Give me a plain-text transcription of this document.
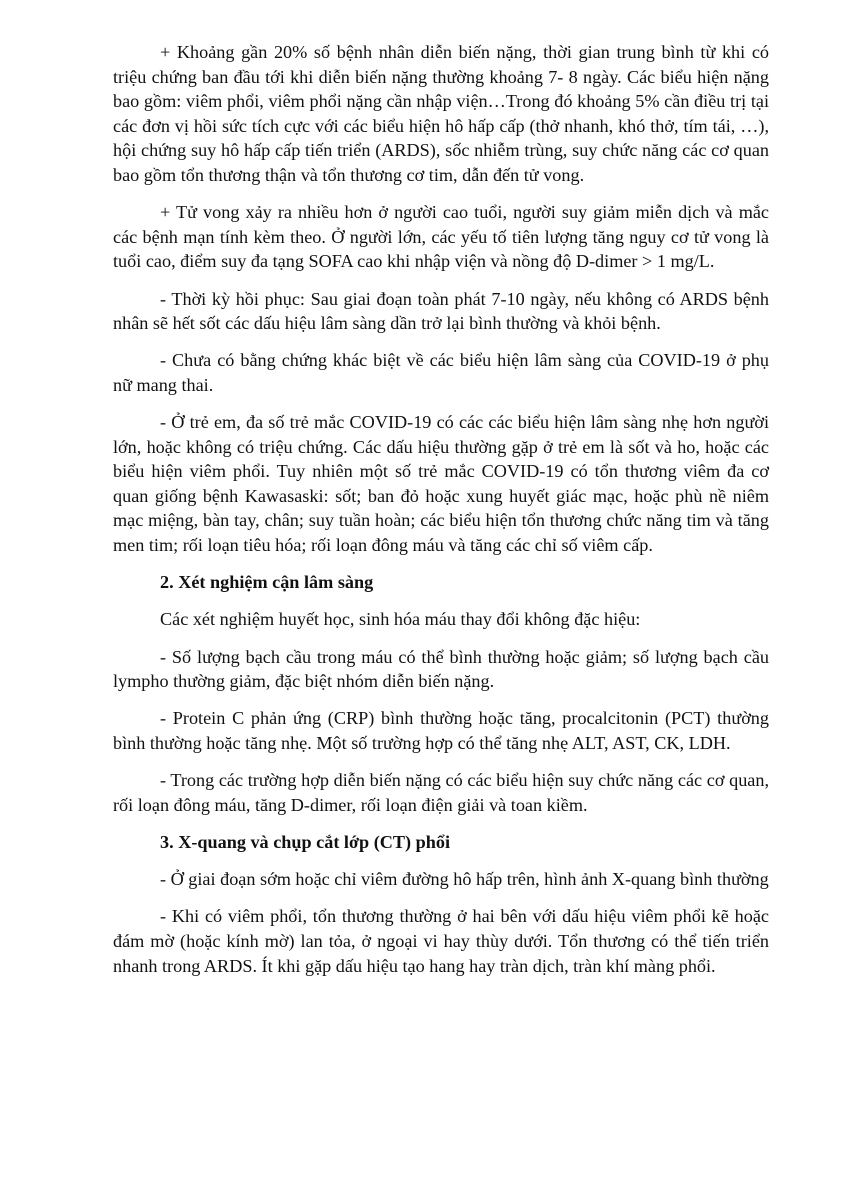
+ Khoảng gần 20% số bệnh nhân diễn biến nặng, thời gian trung bình từ khi có triệu chứng ban đầu tới khi diễn biến nặng thường khoảng 7- 8 ngày. Các biểu hiện nặng bao gồm: viêm phổi, viêm phổi nặng cần nhập viện…Trong đó khoảng 5% cần điều trị tại các đơn vị hồi sức tích cực với các biểu hiện hô hấp cấp (thở nhanh, khó thở, tím tái, …), hội chứng suy hô hấp cấp tiến triển (ARDS), sốc nhiễm trùng, suy chức năng các cơ quan bao gồm tổn thương thận và tổn thương cơ tim, dẫn đến tử vong.

+ Tử vong xảy ra nhiều hơn ở người cao tuổi, người suy giảm miễn dịch và mắc các bệnh mạn tính kèm theo. Ở người lớn, các yếu tố tiên lượng tăng nguy cơ tử vong là tuổi cao, điểm suy đa tạng SOFA cao khi nhập viện và nồng độ D-dimer > 1 mg/L.

- Thời kỳ hồi phục: Sau giai đoạn toàn phát 7-10 ngày, nếu không có ARDS bệnh nhân sẽ hết sốt các dấu hiệu lâm sàng dần trở lại bình thường và khỏi bệnh.

- Chưa có bằng chứng khác biệt về các biểu hiện lâm sàng của COVID-19 ở phụ nữ mang thai.

- Ở trẻ em, đa số trẻ mắc COVID-19 có các các biểu hiện lâm sàng nhẹ hơn người lớn, hoặc không có triệu chứng. Các dấu hiệu thường gặp ở trẻ em là sốt và ho, hoặc các biểu hiện viêm phổi. Tuy nhiên một số trẻ mắc COVID-19 có tổn thương viêm đa cơ quan giống bệnh Kawasaski: sốt; ban đỏ hoặc xung huyết giác mạc, hoặc phù nề niêm mạc miệng, bàn tay, chân; suy tuần hoàn; các biểu hiện tổn thương chức năng tim và tăng men tim; rối loạn tiêu hóa; rối loạn đông máu và tăng các chỉ số viêm cấp.

2. Xét nghiệm cận lâm sàng

Các xét nghiệm huyết học, sinh hóa máu thay đổi không đặc hiệu:

- Số lượng bạch cầu trong máu có thể bình thường hoặc giảm; số lượng bạch cầu lympho thường giảm, đặc biệt nhóm diễn biến nặng.

- Protein C phản ứng (CRP) bình thường hoặc tăng, procalcitonin (PCT) thường bình thường hoặc tăng nhẹ. Một số trường hợp có thể tăng nhẹ ALT, AST, CK, LDH.

- Trong các trường hợp diễn biến nặng có các biểu hiện suy chức năng các cơ quan, rối loạn đông máu, tăng D-dimer, rối loạn điện giải và toan kiềm.

3. X-quang và chụp cắt lớp (CT) phổi

- Ở giai đoạn sớm hoặc chỉ viêm đường hô hấp trên, hình ảnh X-quang bình thường

- Khi có viêm phổi, tổn thương thường ở hai bên với dấu hiệu viêm phổi kẽ hoặc đám mờ (hoặc kính mờ) lan tỏa, ở ngoại vi hay thùy dưới. Tổn thương có thể tiến triển nhanh trong ARDS. Ít khi gặp dấu hiệu tạo hang hay tràn dịch, tràn khí màng phổi.
